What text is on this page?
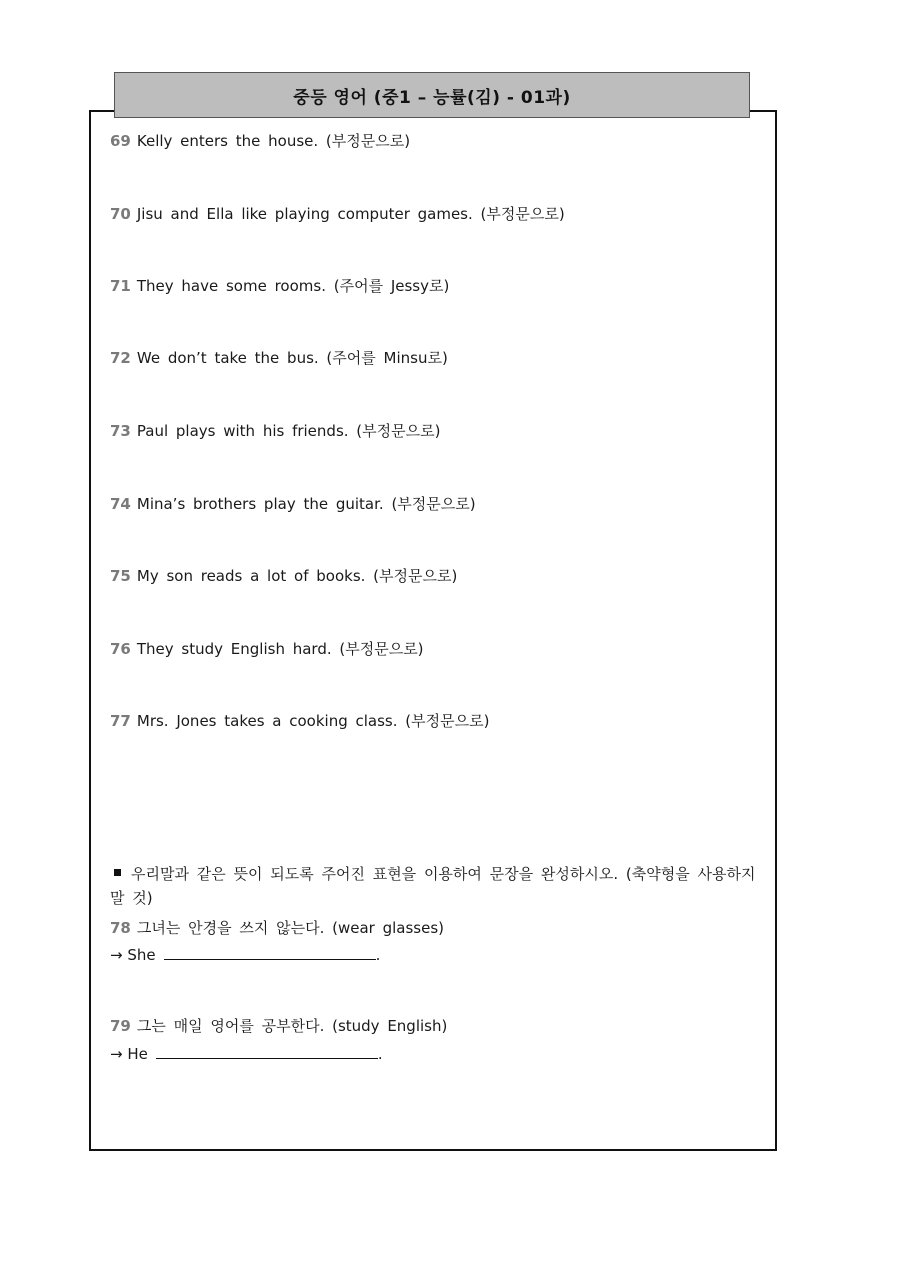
중등 영어 (중1 – 능률(김) - 01과)
69 Kelly enters the house. (부정문으로)
70 Jisu and Ella like playing computer games. (부정문으로)
71 They have some rooms. (주어를 Jessy로)
72 We don’t take the bus. (주어를 Minsu로)
73 Paul plays with his friends. (부정문으로)
74 Mina’s brothers play the guitar. (부정문으로)
75 My son reads a lot of books. (부정문으로)
76 They study English hard. (부정문으로)
77 Mrs. Jones takes a cooking class. (부정문으로)
우리말과 같은 뜻이 되도록 주어진 표현을 이용하여 문장을 완성하시오. (축약형을 사용하지 말 것)
78 그녀는 안경을 쓰지 않는다. (wear glasses)
→ She	.
79 그는 매일 영어를 공부한다. (study English)
→ He	.
